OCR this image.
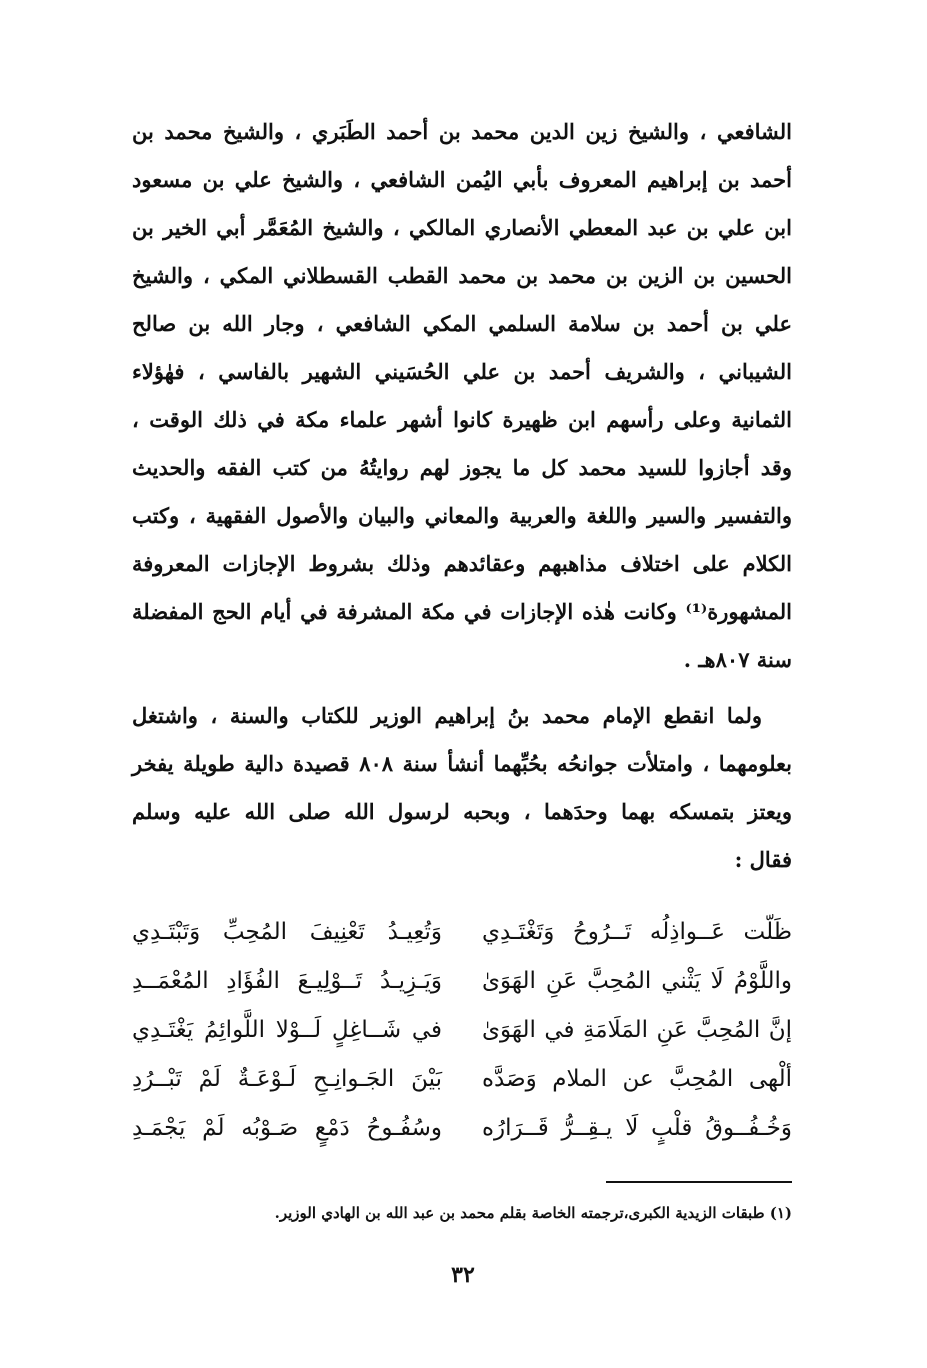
الشافعي ، والشيخ زين الدين محمد بن أحمد الطَبَري ، والشيخ محمد بن
أحمد بن إبراهيم المعروف بأبي اليُمن الشافعي ، والشيخ علي بن مسعود
ابن علي بن عبد المعطي الأنصاري المالكي ، والشيخ المُعَمَّر أبي الخير بن
الحسين بن الزين بن محمد بن محمد القطب القسطلاني المكي ، والشيخ
علي بن أحمد بن سلامة السلمي المكي الشافعي ، وجار الله بن صالح
الشيباني ، والشريف أحمد بن علي الحُسَيني الشهير بالفاسي ، فهٰؤلاء
الثمانية وعلى رأسهم ابن ظهيرة كانوا أشهر علماء مكة في ذلك الوقت ،
وقد أجازوا للسيد محمد كل ما يجوز لهم روايتُهُ من كتب الفقه والحديث
والتفسير والسير واللغة والعربية والمعاني والبيان والأصول الفقهية ، وكتب
الكلام على اختلاف مذاهبهم وعقائدهم وذلك بشروط الإجازات المعروفة
المشهورة⁽¹⁾ وكانت هٰذه الإجازات في مكة المشرفة في أيام الحج المفضلة
سنة ٨٠٧هـ .
ولما انقطع الإمام محمد بنُ إبراهيم الوزير للكتاب والسنة ، واشتغل
بعلومهما ، وامتلأت جوانحُه بحُبِّهما أنشأ سنة ٨٠٨ قصيدة دالية طويلة يفخر
ويعتز بتمسكه بهما وحدَهما ، وبحبه لرسول الله صلى الله عليه وسلم
فقال :
ظَلّت عَــواذِلُه تَــرُوحُ وَتَغْتَـدِي
وَتُعِيـدُ تَعْنِيفَ المُحِبِّ وَتَبْتَـدِي
واللَّوْمُ لَا يَثْني المُحِبَّ عَنِ الهَوَىٰ
وَيَـزِيـدُ تَــوْلِيـعَ الفُؤَادِ المُعْمَــدِ
إنَّ المُحِبَّ عَنِ المَلَامَةِ في الهَوَىٰ
في شَــاغِلٍ لَــوْلا اللَّوائِمُ يَغْتَـدِي
ألْهى المُحِبَّ عن الملام وَصَدَّه
بَيْنَ الجَـوانِـحِ لَـوْعَـةٌ لَمْ تَبْــرُدِ
وَخُـفُــوقُ قلْبٍ لَا يـقِــرُّ قَــرَارُه
وسُفُـوحُ دَمْعٍ صَـوْبُه لَمْ يَجْمَـدِ
(١) طبقات الزيدية الكبرى،ترجمته الخاصة بقلم محمد بن عبد الله بن الهادي الوزير.
٣٢
